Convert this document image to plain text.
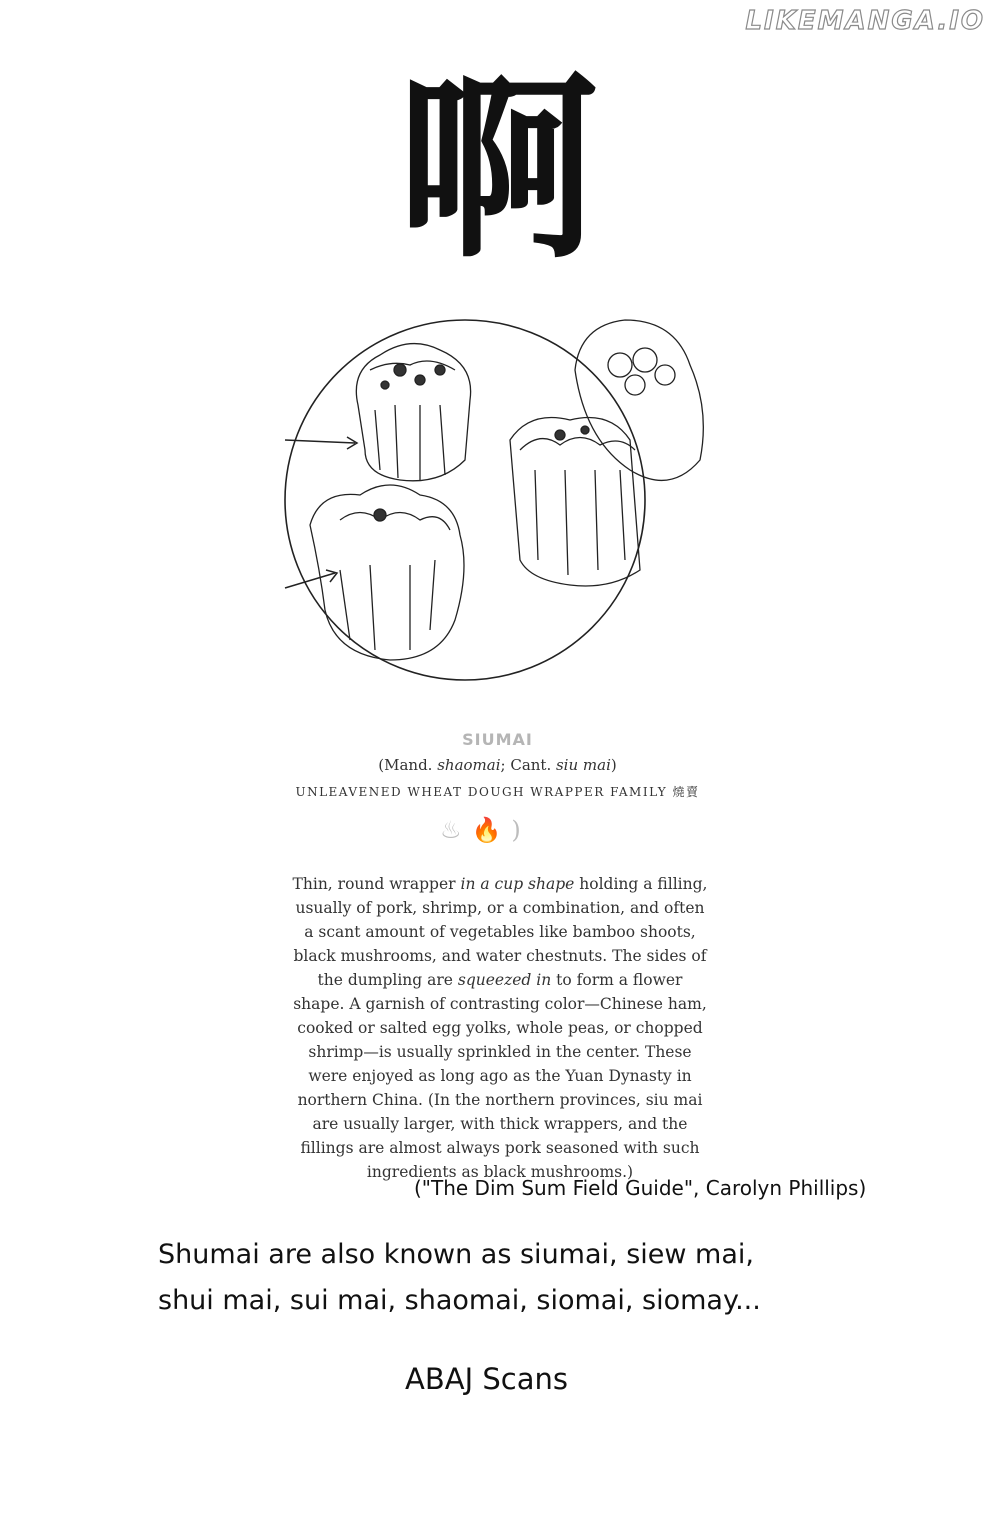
LIKEMANGA.IO
啊
SIUMAI
(Mand. shaomai; Cant. siu mai)
UNLEAVENED WHEAT DOUGH WRAPPER FAMILY 燒賣
♨ 🔥 )

Thin, round wrapper in a cup shape holding a filling, usually of pork, shrimp, or a combination, and often a scant amount of vegetables like bamboo shoots, black mushrooms, and water chestnuts. The sides of the dumpling are squeezed in to form a flower shape. A garnish of contrasting color—Chinese ham, cooked or salted egg yolks, whole peas, or chopped shrimp—is usually sprinkled in the center. These were enjoyed as long ago as the Yuan Dynasty in northern China. (In the northern provinces, siu mai are usually larger, with thick wrappers, and the fillings are almost always pork seasoned with such ingredients as black mushrooms.)

("The Dim Sum Field Guide", Carolyn Phillips)
Shumai are also known as siumai, siew mai,
shui mai, sui mai, shaomai, siomai, siomay...
ABAJ Scans
